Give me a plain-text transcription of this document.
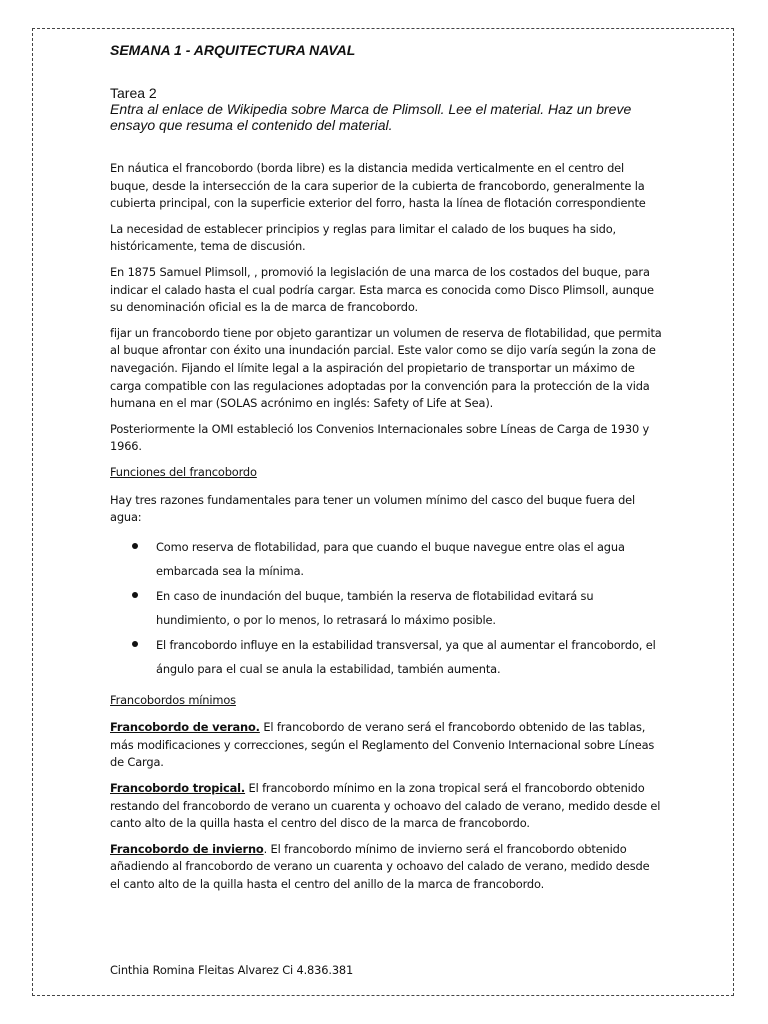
SEMANA 1 - ARQUITECTURA NAVAL

Tarea 2

Entra al enlace de Wikipedia sobre Marca de Plimsoll. Lee el material. Haz un breve ensayo que resuma el contenido del material.

En náutica el francobordo (borda libre) es la distancia medida verticalmente en el centro del buque, desde la intersección de la cara superior de la cubierta de francobordo, generalmente la cubierta principal, con la superficie exterior del forro, hasta la línea de flotación correspondiente

La necesidad de establecer principios y reglas para limitar el calado de los buques ha sido, históricamente, tema de discusión.

En 1875 Samuel Plimsoll, , promovió la legislación de una marca de los costados del buque, para indicar el calado hasta el cual podría cargar. Esta marca es conocida como Disco Plimsoll, aunque su denominación oficial es la de marca de francobordo.

fijar un francobordo tiene por objeto garantizar un volumen de reserva de flotabilidad, que permita al buque afrontar con éxito una inundación parcial. Este valor como se dijo varía según la zona de navegación. Fijando el límite legal a la aspiración del propietario de transportar un máximo de carga compatible con las regulaciones adoptadas por la convención para la protección de la vida humana en el mar (SOLAS acrónimo en inglés: Safety of Life at Sea).

Posteriormente la OMI estableció los Convenios Internacionales sobre Líneas de Carga de 1930 y 1966.

Funciones del francobordo

Hay tres razones fundamentales para tener un volumen mínimo del casco del buque fuera del agua:

Como reserva de flotabilidad, para que cuando el buque navegue entre olas el agua embarcada sea la mínima.
En caso de inundación del buque, también la reserva de flotabilidad evitará su hundimiento, o por lo menos, lo retrasará lo máximo posible.
El francobordo influye en la estabilidad transversal, ya que al aumentar el francobordo, el ángulo para el cual se anula la estabilidad, también aumenta.

Francobordos mínimos

Francobordo de verano. El francobordo de verano será el francobordo obtenido de las tablas, más modificaciones y correcciones, según el Reglamento del Convenio Internacional sobre Líneas de Carga.

Francobordo tropical. El francobordo mínimo en la zona tropical será el francobordo obtenido restando del francobordo de verano un cuarenta y ochoavo del calado de verano, medido desde el canto alto de la quilla hasta el centro del disco de la marca de francobordo.

Francobordo de invierno. El francobordo mínimo de invierno será el francobordo obtenido añadiendo al francobordo de verano un cuarenta y ochoavo del calado de verano, medido desde el canto alto de la quilla hasta el centro del anillo de la marca de francobordo.

Cinthia Romina Fleitas Alvarez Ci 4.836.381
